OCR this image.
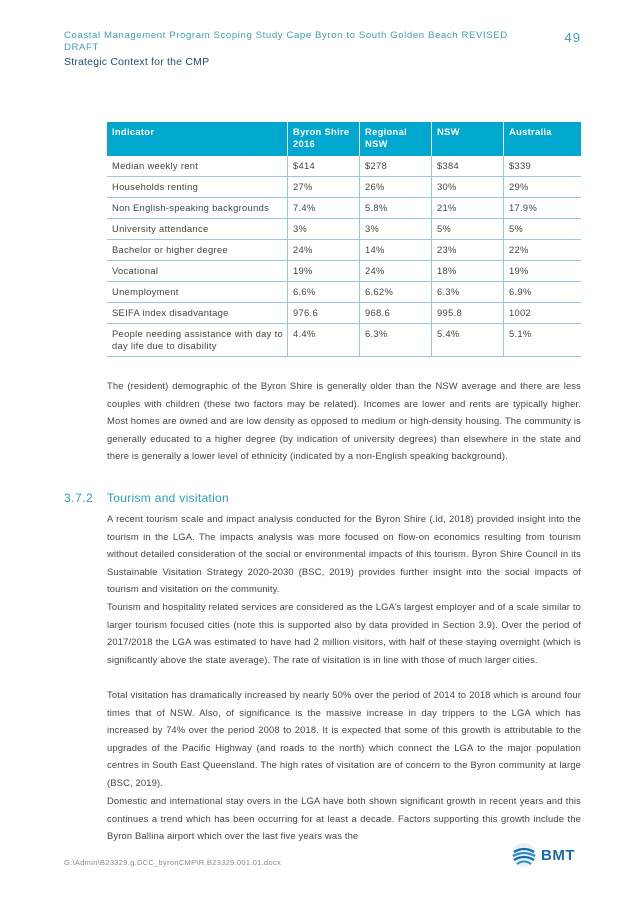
Coastal Management Program Scoping Study Cape Byron to South Golden Beach REVISED DRAFT
49
Strategic Context for the CMP
Indicator	Byron Shire 2016	Regional NSW	NSW	Australia
Median weekly rent	$414	$278	$384	$339
Households renting	27%	26%	30%	29%
Non English-speaking backgrounds	7.4%	5.8%	21%	17.9%
University attendance	3%	3%	5%	5%
Bachelor or higher degree	24%	14%	23%	22%
Vocational	19%	24%	18%	19%
Unemployment	6.6%	6.62%	6.3%	6.9%
SEIFA index disadvantage	976.6	968.6	995.8	1002
People needing assistance with day to day life due to disability	4.4%	6.3%	5.4%	5.1%
The (resident) demographic of the Byron Shire is generally older than the NSW average and there are less couples with children (these two factors may be related). Incomes are lower and rents are typically higher. Most homes are owned and are low density as opposed to medium or high-density housing. The community is generally educated to a higher degree (by indication of university degrees) than elsewhere in the state and there is generally a lower level of ethnicity (indicated by a non-English speaking background).
3.7.2 Tourism and visitation
A recent tourism scale and impact analysis conducted for the Byron Shire (.id, 2018) provided insight into the tourism in the LGA. The impacts analysis was more focused on flow-on economics resulting from tourism without detailed consideration of the social or environmental impacts of this tourism. Byron Shire Council in its Sustainable Visitation Strategy 2020-2030 (BSC, 2019) provides further insight into the social impacts of tourism and visitation on the community.
Tourism and hospitality related services are considered as the LGA’s largest employer and of a scale similar to larger tourism focused cities (note this is supported also by data provided in Section 3.9). Over the period of 2017/2018 the LGA was estimated to have had 2 million visitors, with half of these staying overnight (which is significantly above the state average). The rate of visitation is in line with those of much larger cities.
Total visitation has dramatically increased by nearly 50% over the period of 2014 to 2018 which is around four times that of NSW. Also, of significance is the massive increase in day trippers to the LGA which has increased by 74% over the period 2008 to 2018. It is expected that some of this growth is attributable to the upgrades of the Pacific Highway (and roads to the north) which connect the LGA to the major population centres in South East Queensland. The high rates of visitation are of concern to the Byron community at large (BSC, 2019).
Domestic and international stay overs in the LGA have both shown significant growth in recent years and this continues a trend which has been occurring for at least a decade. Factors supporting this growth include the Byron Ballina airport which over the last five years was the
G:\Admin\B23329.g.DCC_byronCMP\R.B23329.001.01.docx	BMT
